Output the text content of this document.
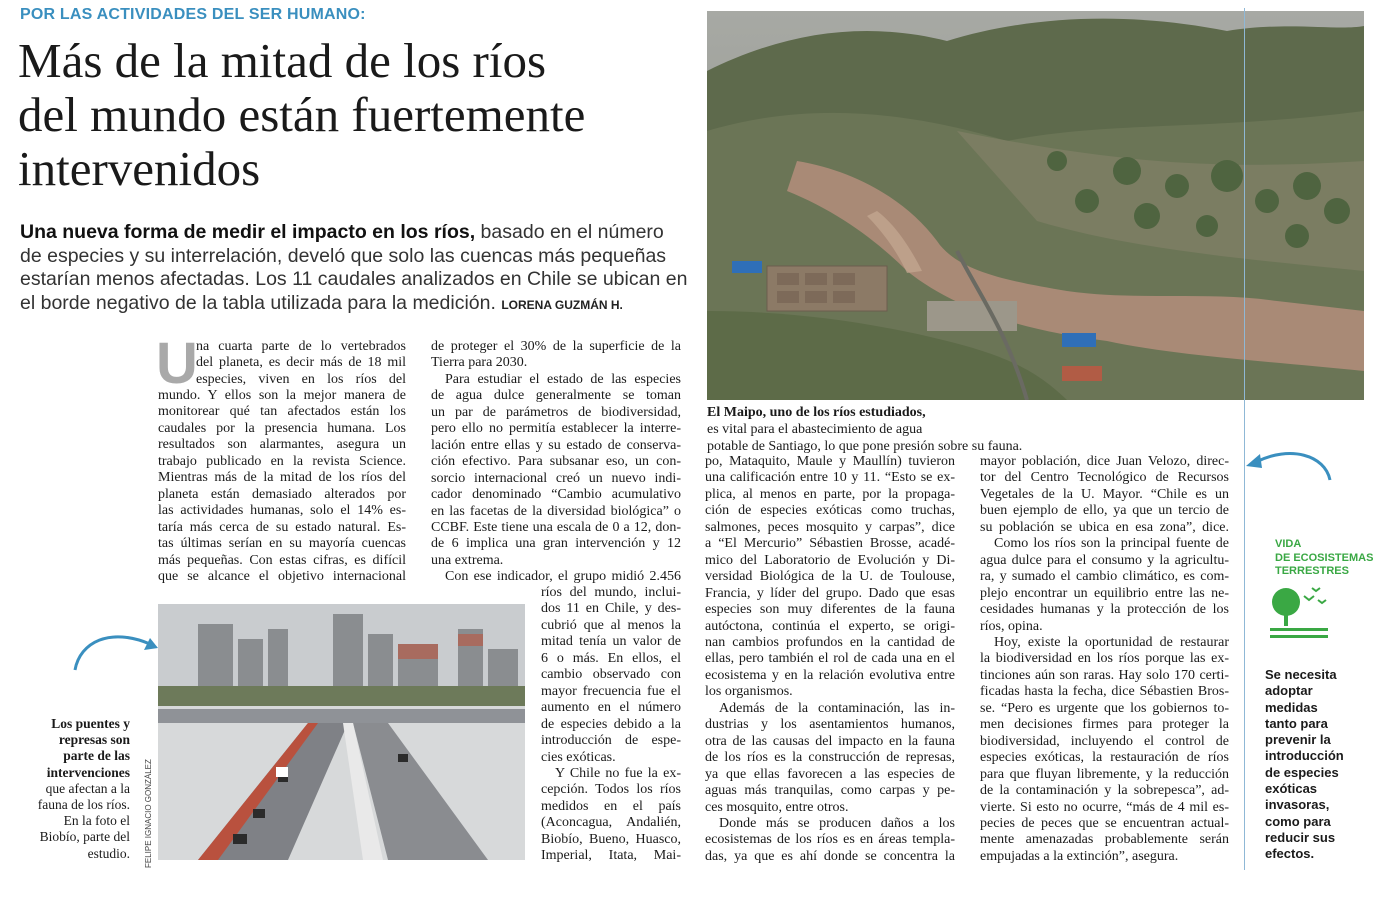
POR LAS ACTIVIDADES DEL SER HUMANO:
Más de la mitad de los ríos
del mundo están fuertemente
intervenidos
Una nueva forma de medir el impacto en los ríos, basado en el número
de especies y su interrelación, develó que solo las cuencas más pequeñas
estarían menos afectadas. Los 11 caudales analizados en Chile se ubican en
el borde negativo de la tabla utilizada para la medición. LORENA GUZMÁN H.
El Maipo, uno de los ríos estudiados,
es vital para el abastecimiento de agua
potable de Santiago, lo que pone presión sobre su fauna.
U
na cuarta parte de lo vertebrados
del planeta, es decir más de 18 mil
especies, viven en los ríos del
mundo. Y ellos son la mejor manera de
monitorear qué tan afectados están los
caudales por la presencia humana. Los
resultados son alarmantes, asegura un
trabajo publicado en la revista Science.
Mientras más de la mitad de los ríos del
planeta están demasiado alterados por
las actividades humanas, solo el 14% es-
taría más cerca de su estado natural. Es-
tas últimas serían en su mayoría cuencas
más pequeñas. Con estas cifras, es difícil
que se alcance el objetivo internacional
de proteger el 30% de la superficie de la
Tierra para 2030.
Para estudiar el estado de las especies
de agua dulce generalmente se toman
un par de parámetros de biodiversidad,
pero ello no permitía establecer la interre-
lación entre ellas y su estado de conserva-
ción efectivo. Para subsanar eso, un con-
sorcio internacional creó un nuevo indi-
cador denominado “Cambio acumulativo
en las facetas de la diversidad biológica” o
CCBF. Este tiene una escala de 0 a 12, don-
de 6 implica una gran intervención y 12
una extrema.
Con ese indicador, el grupo midió 2.456
ríos del mundo, inclui-
dos 11 en Chile, y des-
cubrió que al menos la
mitad tenía un valor de
6 o más. En ellos, el
cambio observado con
mayor frecuencia fue el
aumento en el número
de especies debido a la
introducción de espe-
cies exóticas.
Y Chile no fue la ex-
cepción. Todos los ríos
medidos en el país
(Aconcagua, Andalién,
Biobío, Bueno, Huasco,
Imperial, Itata, Mai-
FELIPE IGNACIO GONZÁLEZ
Los puentes y
represas son
parte de las
intervenciones
que afectan a la
fauna de los ríos.
En la foto el
Biobío, parte del
estudio.
po, Mataquito, Maule y Maullín) tuvieron
una calificación entre 10 y 11. “Esto se ex-
plica, al menos en parte, por la propaga-
ción de especies exóticas como truchas,
salmones, peces mosquito y carpas”, dice
a “El Mercurio” Sébastien Brosse, acadé-
mico del Laboratorio de Evolución y Di-
versidad Biológica de la U. de Toulouse,
Francia, y líder del grupo. Dado que esas
especies son muy diferentes de la fauna
autóctona, continúa el experto, se origi-
nan cambios profundos en la cantidad de
ellas, pero también el rol de cada una en el
ecosistema y en la relación evolutiva entre
los organismos.
Además de la contaminación, las in-
dustrias y los asentamientos humanos,
otra de las causas del impacto en la fauna
de los ríos es la construcción de represas,
ya que ellas favorecen a las especies de
aguas más tranquilas, como carpas y pe-
ces mosquito, entre otros.
Donde más se producen daños a los
ecosistemas de los ríos es en áreas templa-
das, ya que es ahí donde se concentra la
mayor población, dice Juan Velozo, direc-
tor del Centro Tecnológico de Recursos
Vegetales de la U. Mayor. “Chile es un
buen ejemplo de ello, ya que un tercio de
su población se ubica en esa zona”, dice.
Como los ríos son la principal fuente de
agua dulce para el consumo y la agricultu-
ra, y sumado el cambio climático, es com-
plejo encontrar un equilibrio entre las ne-
cesidades humanas y la protección de los
ríos, opina.
Hoy, existe la oportunidad de restaurar
la biodiversidad en los ríos porque las ex-
tinciones aún son raras. Hay solo 170 certi-
ficadas hasta la fecha, dice Sébastien Bros-
se. “Pero es urgente que los gobiernos to-
men decisiones firmes para proteger la
biodiversidad, incluyendo el control de
especies exóticas, la restauración de ríos
para que fluyan libremente, y la reducción
de la contaminación y la sobrepesca”, ad-
vierte. Si esto no ocurre, “más de 4 mil es-
pecies de peces que se encuentran actual-
mente amenazadas probablemente serán
empujadas a la extinción”, asegura.
VIDA
DE ECOSISTEMAS
TERRESTRES
Se necesita
adoptar
medidas
tanto para
prevenir la
introducción
de especies
exóticas
invasoras,
como para
reducir sus
efectos.
